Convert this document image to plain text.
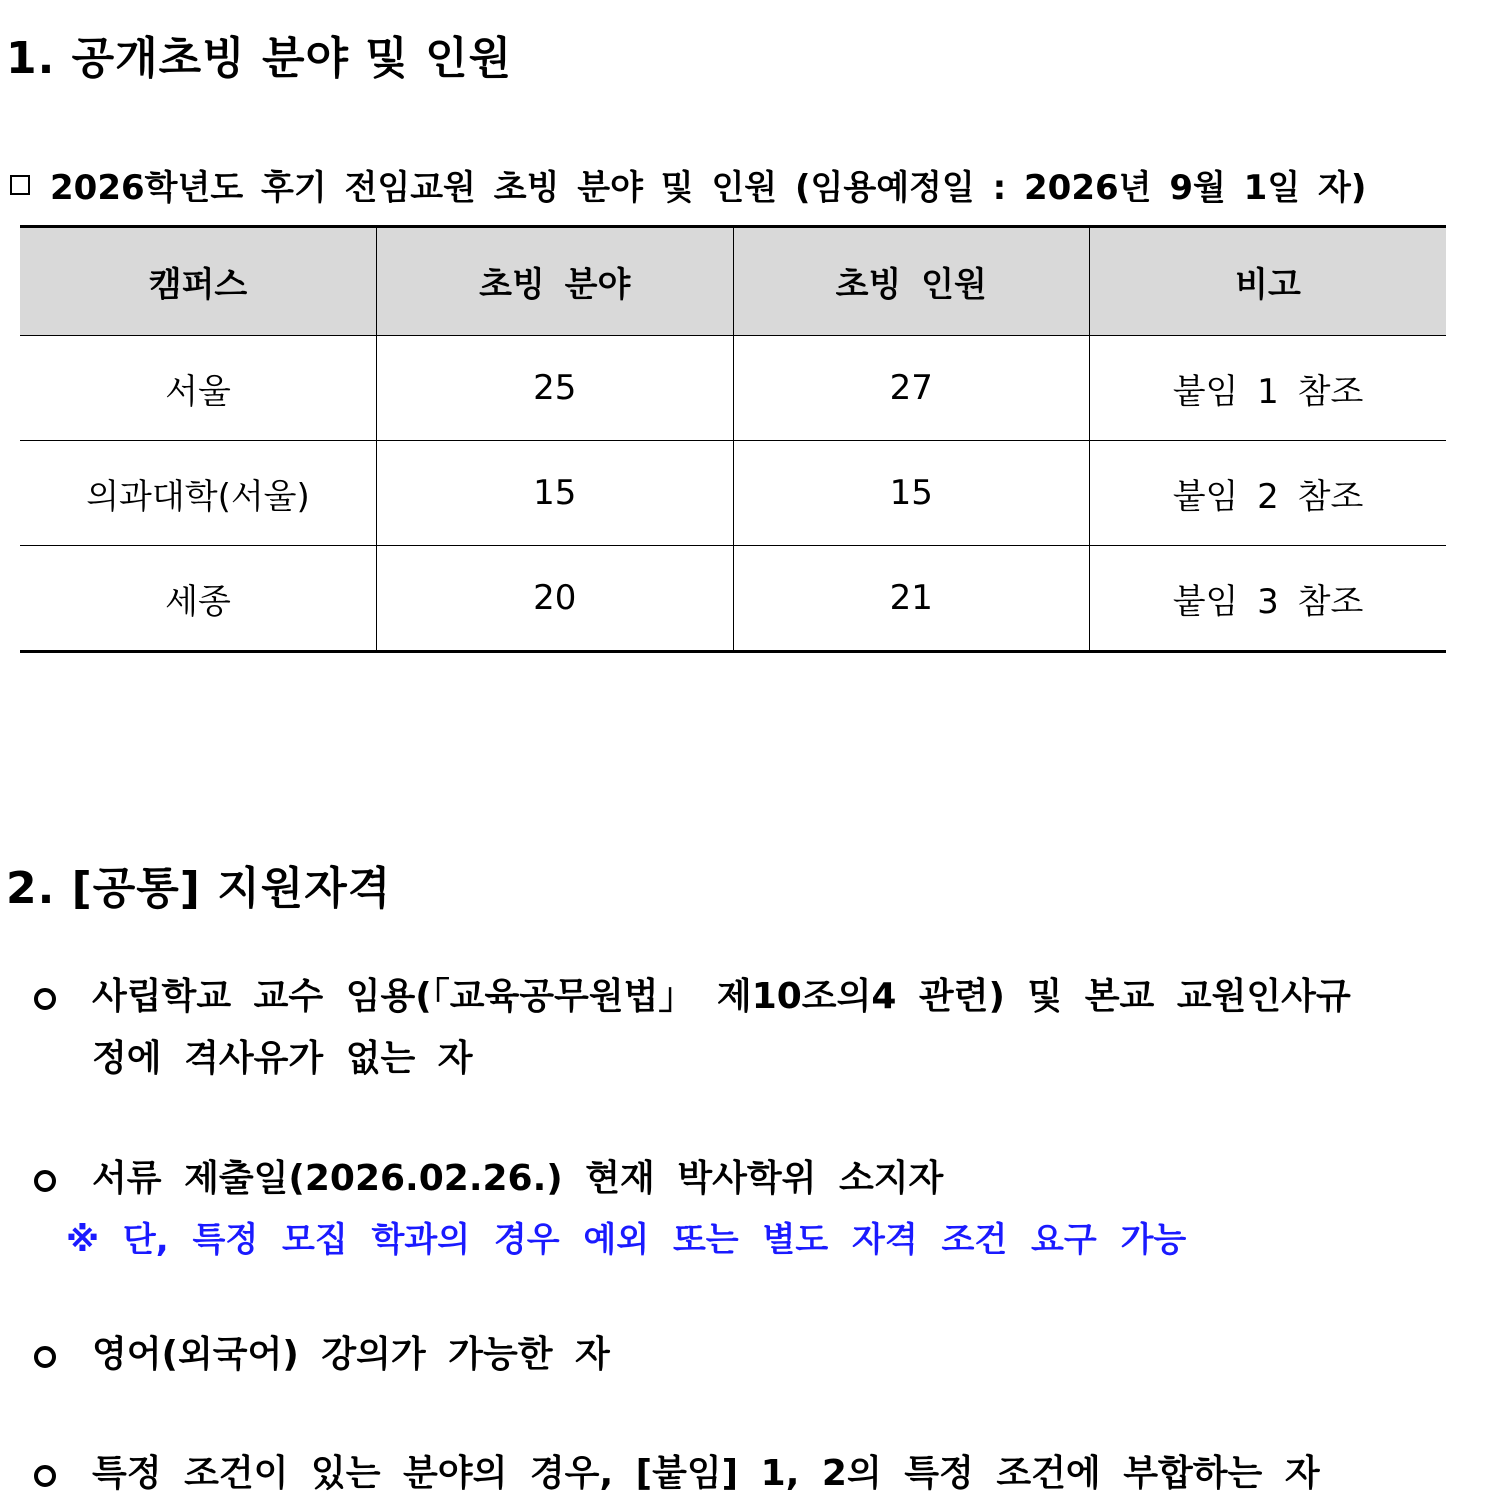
1. 공개초빙 분야 및 인원
2026학년도 후기 전임교원 초빙 분야 및 인원 (임용예정일 : 2026년 9월 1일 자)
캠퍼스	초빙 분야	초빙 인원	비고
서울	25	27	붙임 1 참조
의과대학(서울)	15	15	붙임 2 참조
세종	20	21	붙임 3 참조
2. [공통] 지원자격
사립학교 교수 임용(「교육공무원법」 제10조의4 관련) 및 본교 교원인사규
정에 격사유가 없는 자
서류 제출일(2026.02.26.) 현재 박사학위 소지자
※ 단, 특정 모집 학과의 경우 예외 또는 별도 자격 조건 요구 가능
영어(외국어) 강의가 가능한 자
특정 조건이 있는 분야의 경우, [붙임] 1, 2의 특정 조건에 부합하는 자
